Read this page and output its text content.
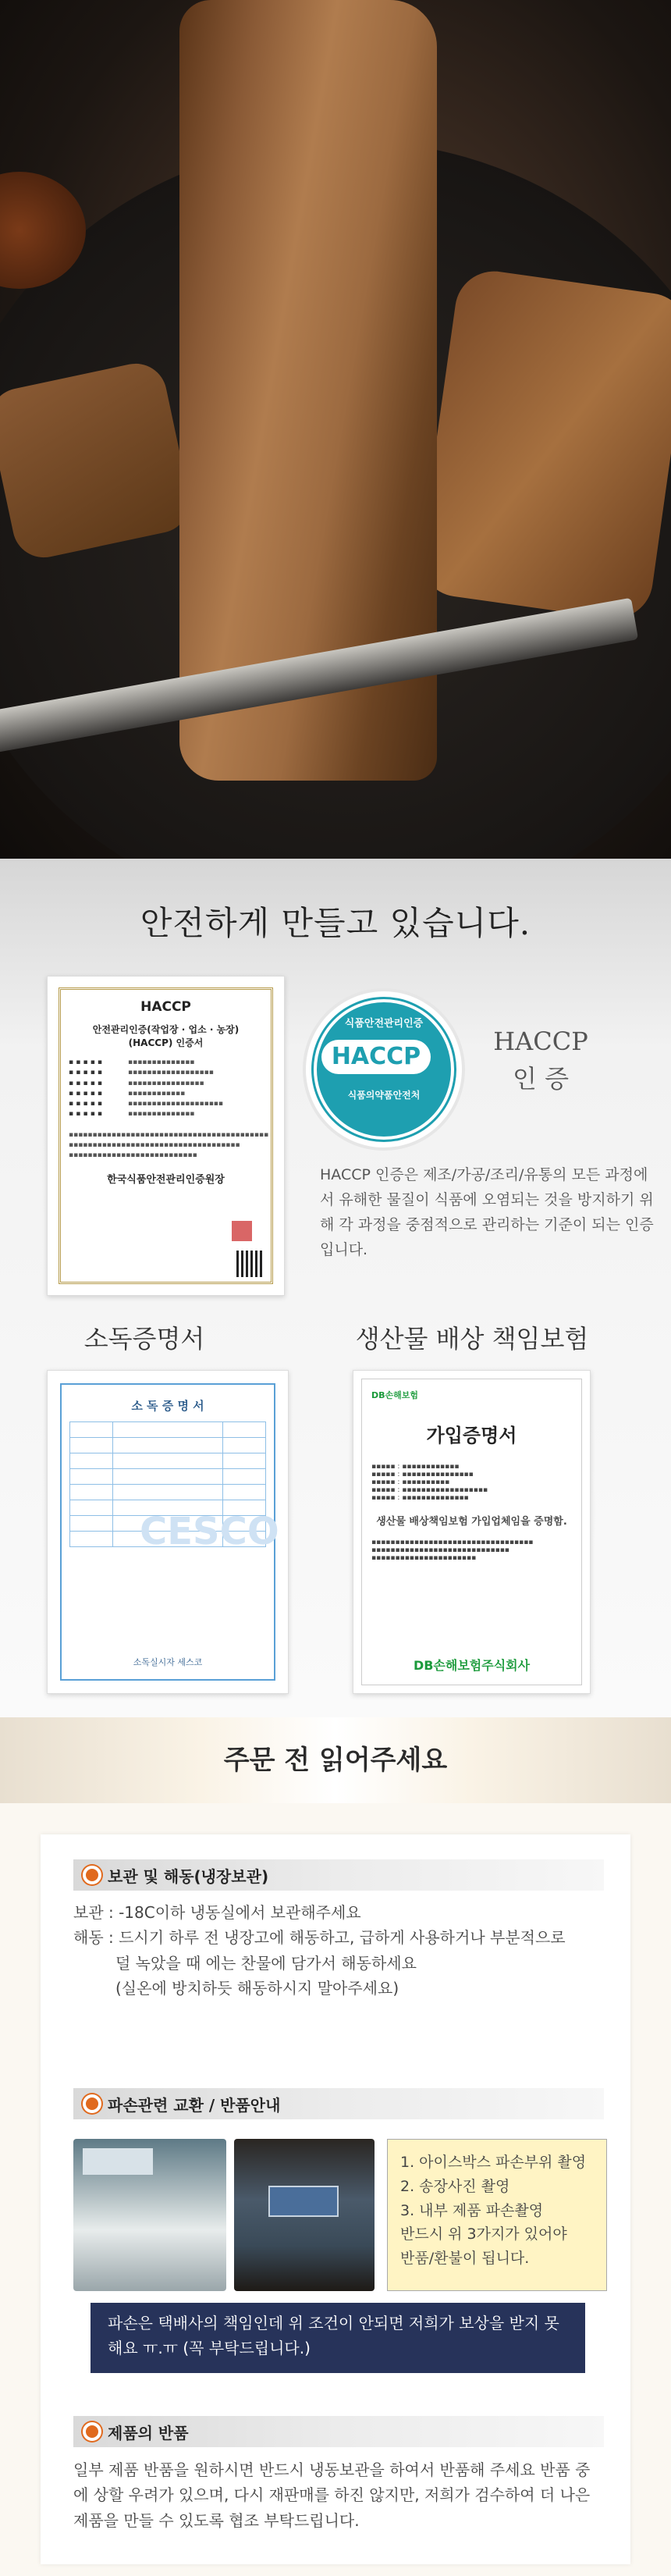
안전하게 만들고 있습니다.
HACCP
안전관리인증(작업장 · 업소 · 농장)
(HACCP) 인증서
▪ ▪ ▪ ▪ ▪	▪▪▪▪▪▪▪▪▪▪▪▪▪▪
▪ ▪ ▪ ▪ ▪	▪▪▪▪▪▪▪▪▪▪▪▪▪▪▪▪▪▪
▪ ▪ ▪ ▪ ▪	▪▪▪▪▪▪▪▪▪▪▪▪▪▪▪▪
▪ ▪ ▪ ▪ ▪	▪▪▪▪▪▪▪▪▪▪▪▪
▪ ▪ ▪ ▪ ▪	▪▪▪▪▪▪▪▪▪▪▪▪▪▪▪▪▪▪▪▪
▪ ▪ ▪ ▪ ▪	▪▪▪▪▪▪▪▪▪▪▪▪▪▪
▪▪▪▪▪▪▪▪▪▪▪▪▪▪▪▪▪▪▪▪▪▪▪▪▪▪▪▪▪▪▪▪▪▪▪▪▪▪▪▪▪▪
▪▪▪▪▪▪▪▪▪▪▪▪▪▪▪▪▪▪▪▪▪▪▪▪▪▪▪▪▪▪▪▪▪▪▪▪
▪▪▪▪▪▪▪▪▪▪▪▪▪▪▪▪▪▪▪▪▪▪▪▪▪▪▪
한국식품안전관리인증원장
식품안전관리인증
HACCP
식품의약품안전처
HACCP
인 증
HACCP 인증은 제조/가공/조리/유통의 모든 과정에서 유해한 물질이 식품에 오염되는 것을 방지하기 위해 각 과정을 중점적으로 관리하는 기준이 되는 인증입니다.
소독증명서	생산물 배상 책임보험
소 독 증 명 서

CESCO
소독실시자 세스코
DB손해보험
가입증명서
▪▪▪▪▪ : ▪▪▪▪▪▪▪▪▪▪▪▪
▪▪▪▪▪ : ▪▪▪▪▪▪▪▪▪▪▪▪▪▪▪
▪▪▪▪▪ : ▪▪▪▪▪▪▪▪▪▪
▪▪▪▪▪ : ▪▪▪▪▪▪▪▪▪▪▪▪▪▪▪▪▪▪
▪▪▪▪▪ : ▪▪▪▪▪▪▪▪▪▪▪▪▪▪
생산물 배상책임보험 가입업체임을 증명함.
▪▪▪▪▪▪▪▪▪▪▪▪▪▪▪▪▪▪▪▪▪▪▪▪▪▪▪▪▪▪▪▪▪▪
▪▪▪▪▪▪▪▪▪▪▪▪▪▪▪▪▪▪▪▪▪▪▪▪▪▪▪▪▪
▪▪▪▪▪▪▪▪▪▪▪▪▪▪▪▪▪▪▪▪▪▪
DB손해보험주식회사
주문 전 읽어주세요
보관 및 해동(냉장보관)
보관 : -18C이하 냉동실에서 보관해주세요
해동 : 드시기 하루 전 냉장고에 해동하고, 급하게 사용하거나 부분적으로
덜 녹았을 때 에는 찬물에 담가서 해동하세요
(실온에 방치하듯 해동하시지 말아주세요)
파손관련 교환 / 반품안내
1. 아이스박스 파손부위 촬영
2. 송장사진 촬영
3. 내부 제품 파손촬영
반드시 위 3가지가 있어야
반품/환불이 됩니다.
파손은 택배사의 책임인데 위 조건이 안되면 저희가 보상을 받지 못해요 ㅠ.ㅠ (꼭 부탁드립니다.)
제품의 반품
일부 제품 반품을 원하시면 반드시 냉동보관을 하여서 반품해 주세요 반품 중에 상할 우려가 있으며, 다시 재판매를 하진 않지만, 저희가 검수하여 더 나은 제품을 만들 수 있도록 협조 부탁드립니다.
